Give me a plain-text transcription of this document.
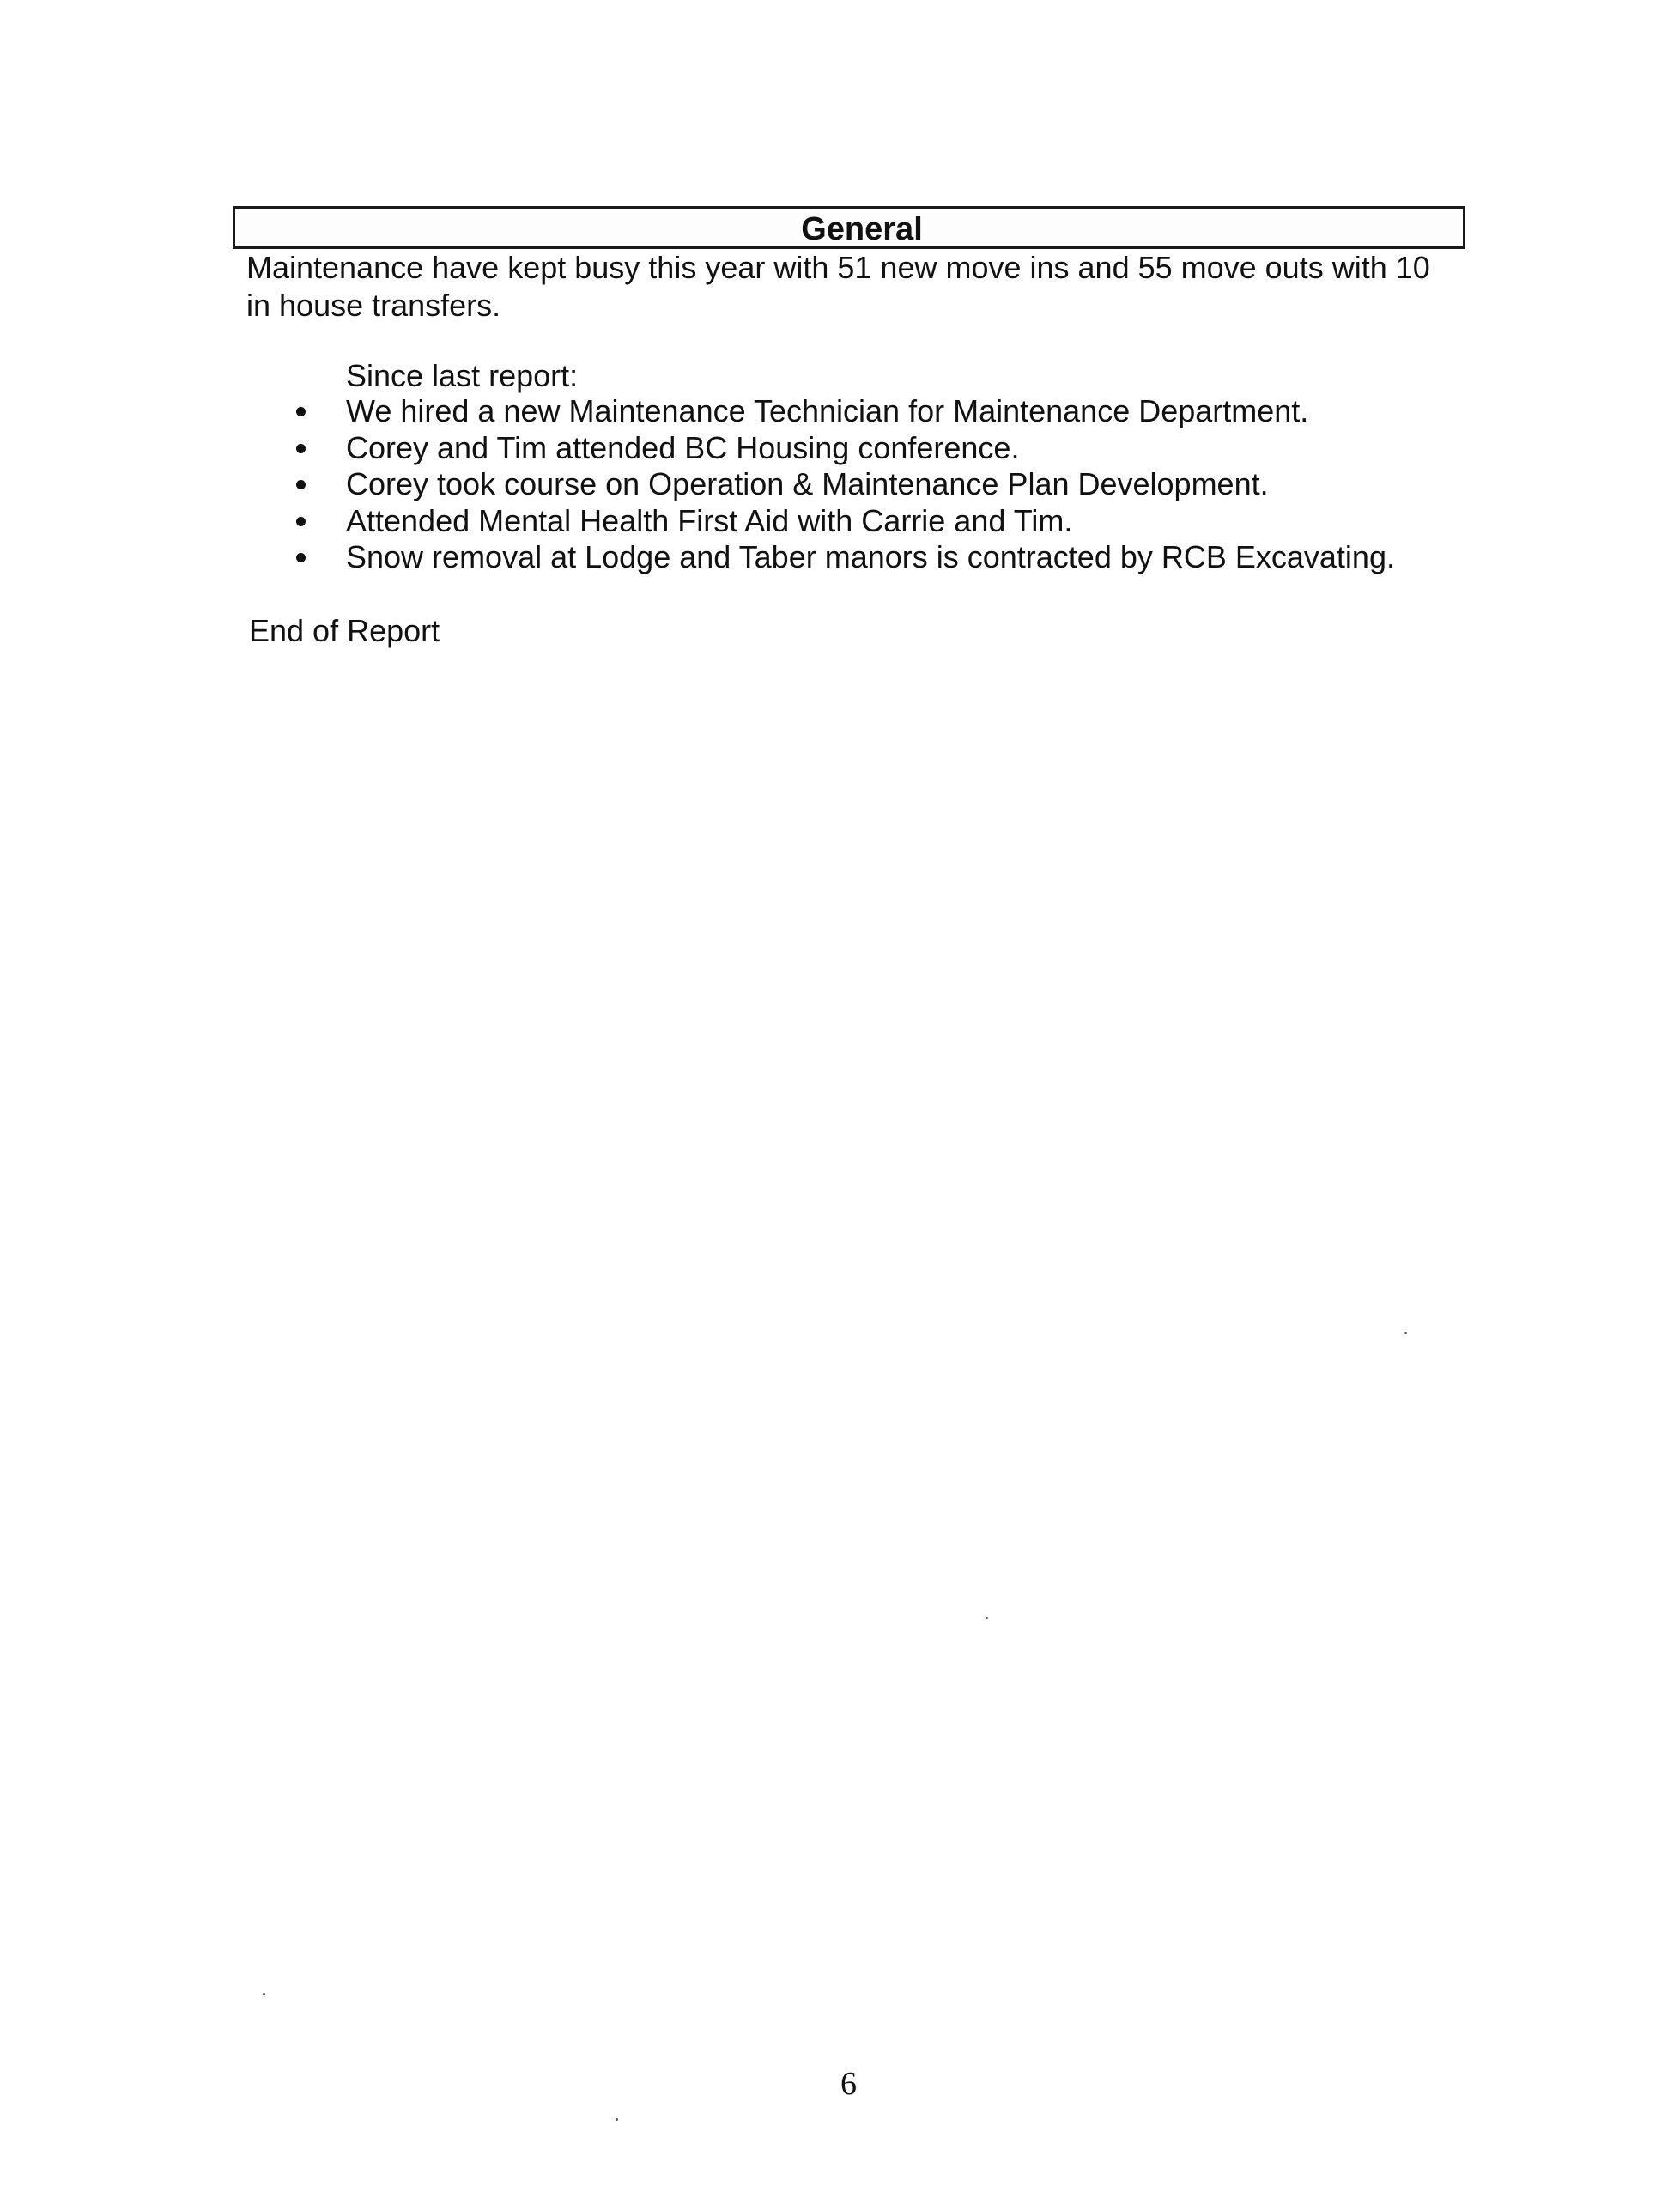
General
Maintenance have kept busy this year with 51 new move ins and 55 move outs with 10
in house transfers.
Since last report:
We hired a new Maintenance Technician for Maintenance Department.
Corey and Tim attended BC Housing conference.
Corey took course on Operation & Maintenance Plan Development.
Attended Mental Health First Aid with Carrie and Tim.
Snow removal at Lodge and Taber manors is contracted by RCB Excavating.
End of Report
6
